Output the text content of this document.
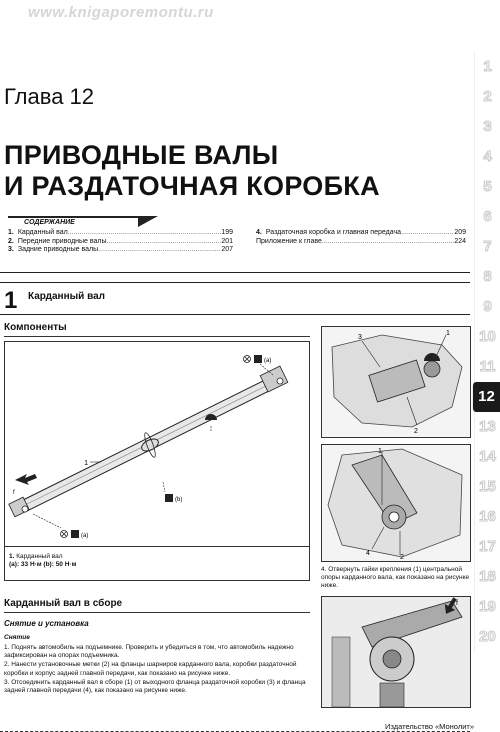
www.knigaporemontu.ru
1
2
3
4
5
6
7
8
9
10
11
12
13
14
15
16
17
18
19
20
Глава 12
ПРИВОДНЫЕ ВАЛЫ
И РАЗДАТОЧНАЯ КОРОБКА
СОДЕРЖАНИЕ
1. Карданный вал .....	199
2. Передние приводные валы .....	201
3. Задние приводные валы .....	207
4. Раздаточная коробка и главная передача .....	209
Приложение к главе .....	224
1 Карданный вал
Компоненты
1
(a)
(b)
(a)
f
1. Карданный вал
(a): 33 Н·м (b): 50 Н·м
3
1
2
1
4
2
4. Отвернуть гайки крепления (1) центральной опоры карданного вала, как показано на рисунке ниже.
f
Карданный вал в сборе
Снятие и установка
Снятие
1. Поднять автомобиль на подъемнике. Проверить и убедиться в том, что автомобиль надежно зафиксирован на опорах подъемника.
2. Нанести установочные метки (2) на фланцы шарниров карданного вала, коробки раздаточной коробки и корпус задней главной передачи, как показано на рисунке ниже.
3. Отсоединить карданный вал в сборе (1) от выходного фланца раздаточной коробки (3) и фланца задней главной передачи (4), как показано на рисунке ниже.
Издательство «Монолит»
